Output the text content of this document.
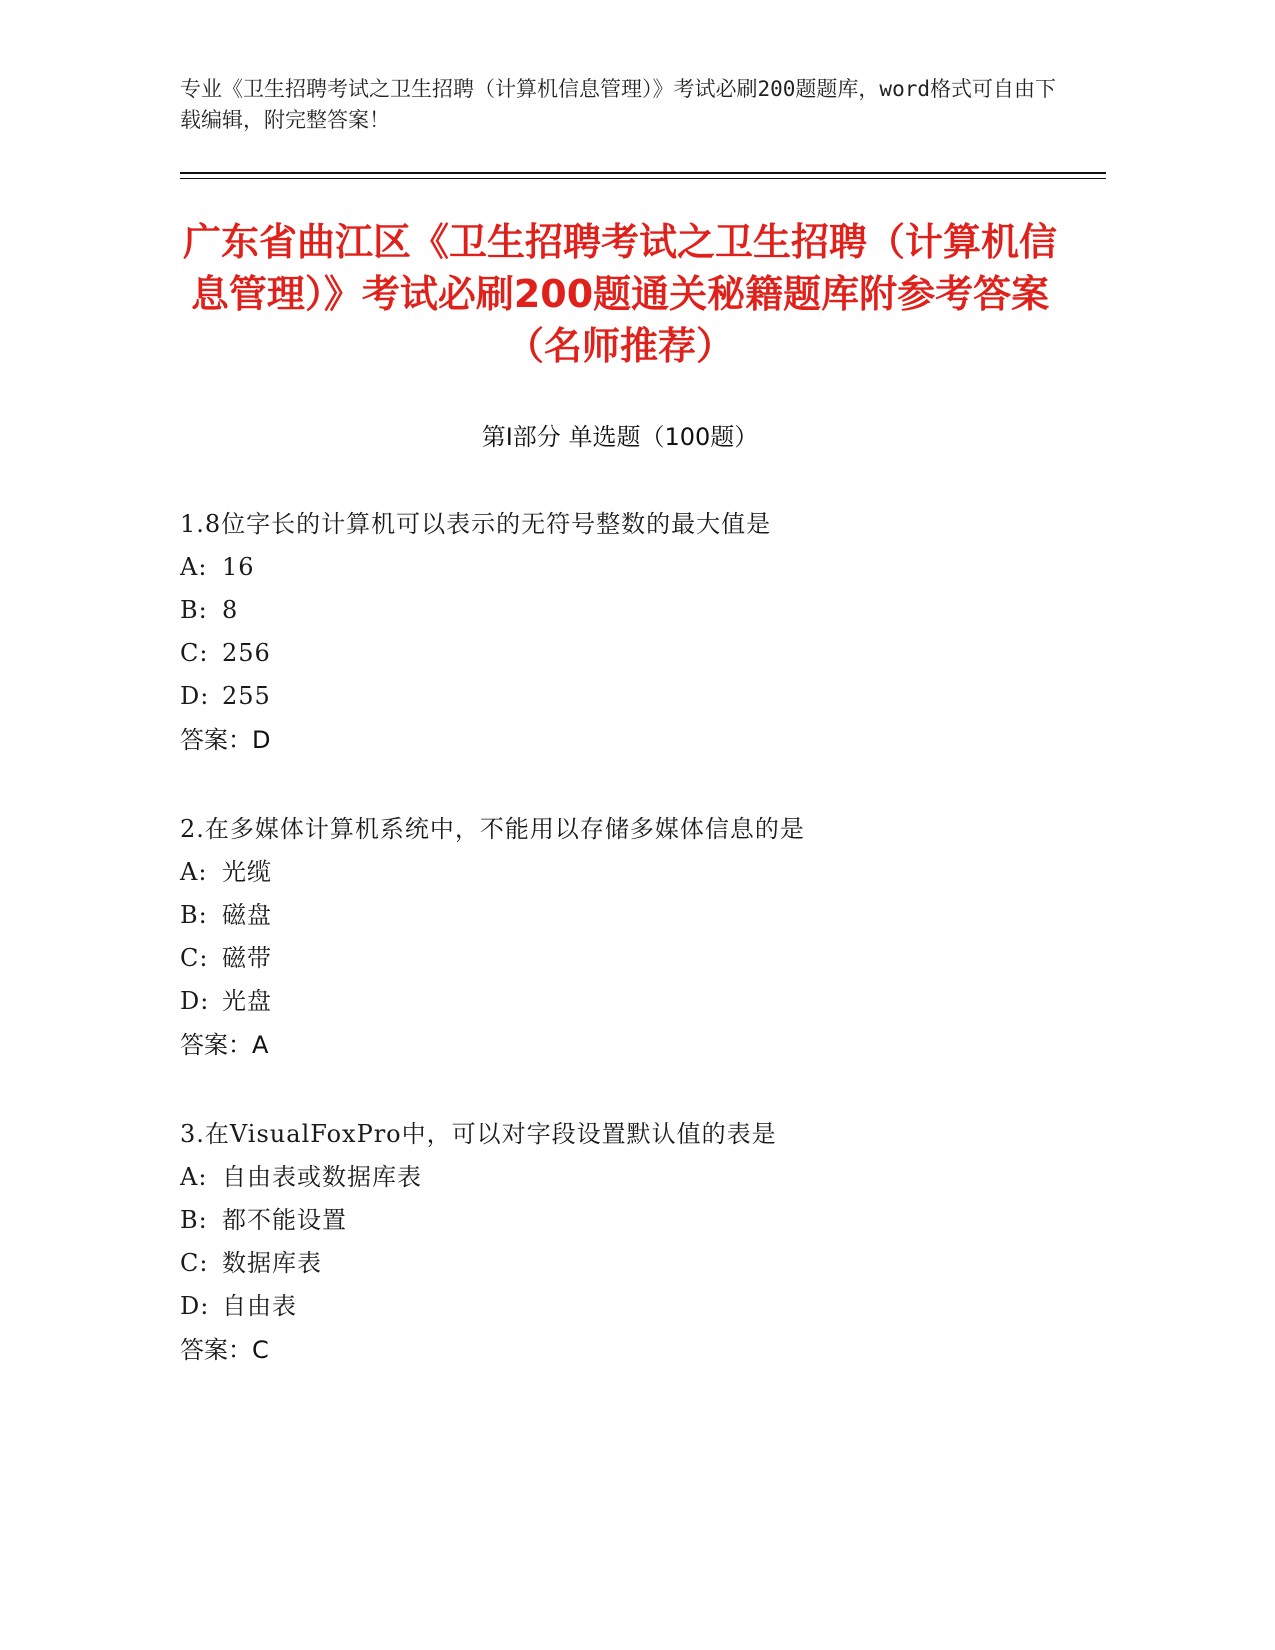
专业《卫生招聘考试之卫生招聘（计算机信息管理）》考试必刷200题题库，word格式可自由下载编辑，附完整答案！
广东省曲江区《卫生招聘考试之卫生招聘（计算机信息管理）》考试必刷200题通关秘籍题库附参考答案（名师推荐）
第Ⅰ部分 单选题（100题）
1.8位字长的计算机可以表示的无符号整数的最大值是
A: 16
B: 8
C: 256
D: 255
答案：D
2.在多媒体计算机系统中，不能用以存储多媒体信息的是
A: 光缆
B: 磁盘
C: 磁带
D: 光盘
答案：A
3.在VisualFoxPro中，可以对字段设置默认值的表是
A: 自由表或数据库表
B: 都不能设置
C: 数据库表
D: 自由表
答案：C
